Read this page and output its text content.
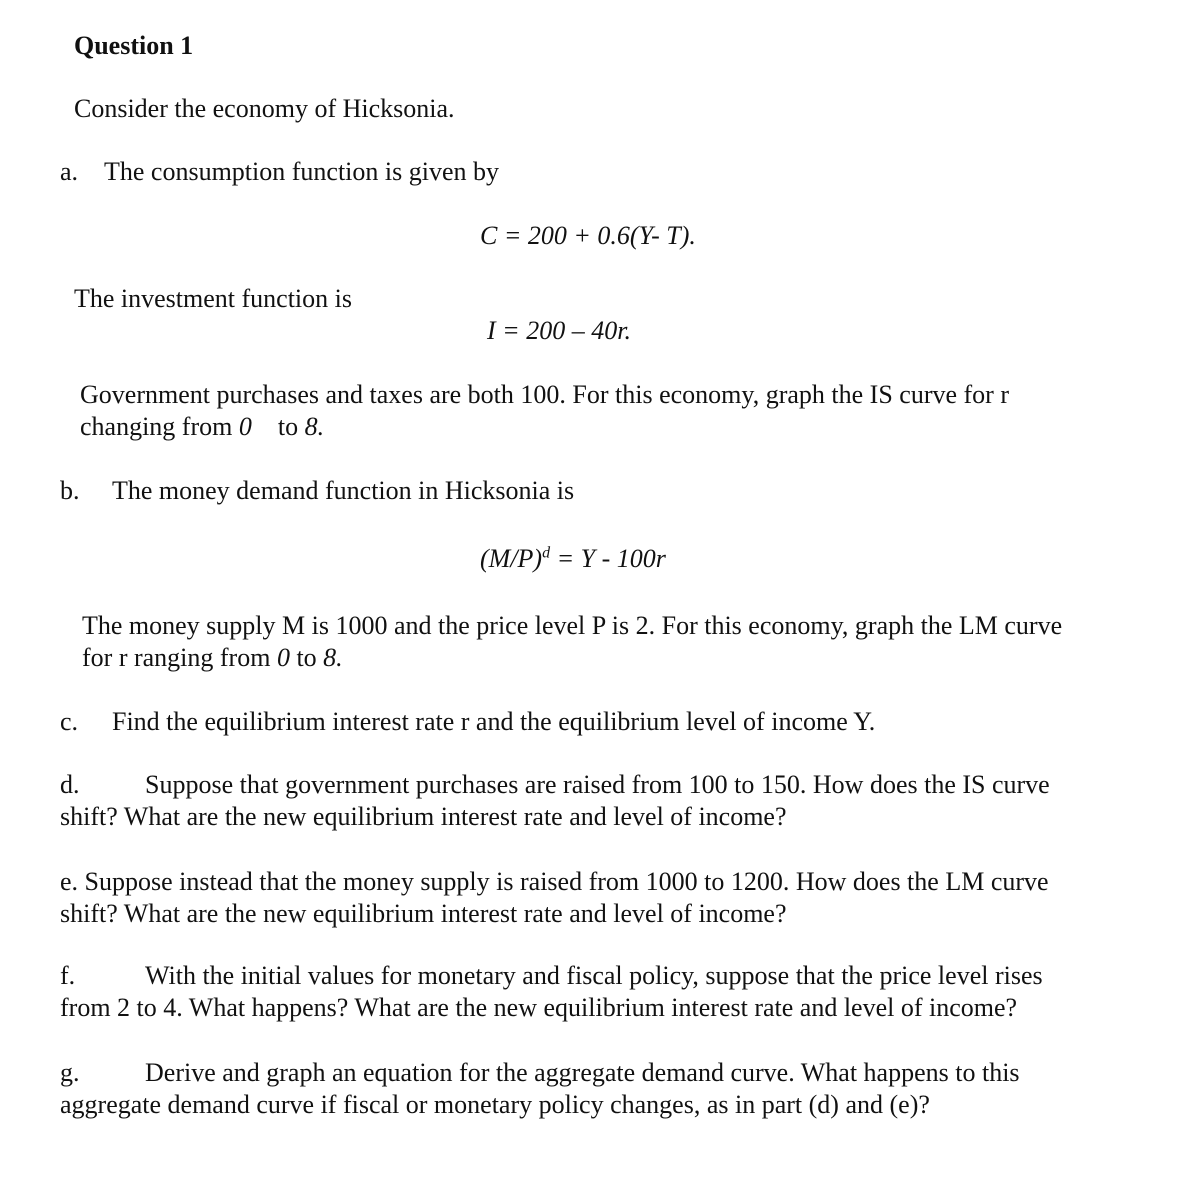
Question 1
Consider the economy of Hicksonia.
a. The consumption function is given by
C = 200 + 0.6(Y- T).
The investment function is
I = 200 – 40r.
Government purchases and taxes are both 100. For this economy, graph the IS curve for r
changing from 0 to 8.
b. The money demand function in Hicksonia is
$(M/P)^d = Y - 100r$
The money supply M is 1000 and the price level P is 2. For this economy, graph the LM curve
for r ranging from 0 to 8.
c. Find the equilibrium interest rate r and the equilibrium level of income Y.
d.	Suppose that government purchases are raised from 100 to 150. How does the IS curve
shift? What are the new equilibrium interest rate and level of income?
e. Suppose instead that the money supply is raised from 1000 to 1200. How does the LM curve
shift? What are the new equilibrium interest rate and level of income?
f.	With the initial values for monetary and fiscal policy, suppose that the price level rises
from 2 to 4. What happens? What are the new equilibrium interest rate and level of income?
g.	Derive and graph an equation for the aggregate demand curve. What happens to this
aggregate demand curve if fiscal or monetary policy changes, as in part (d) and (e)?
